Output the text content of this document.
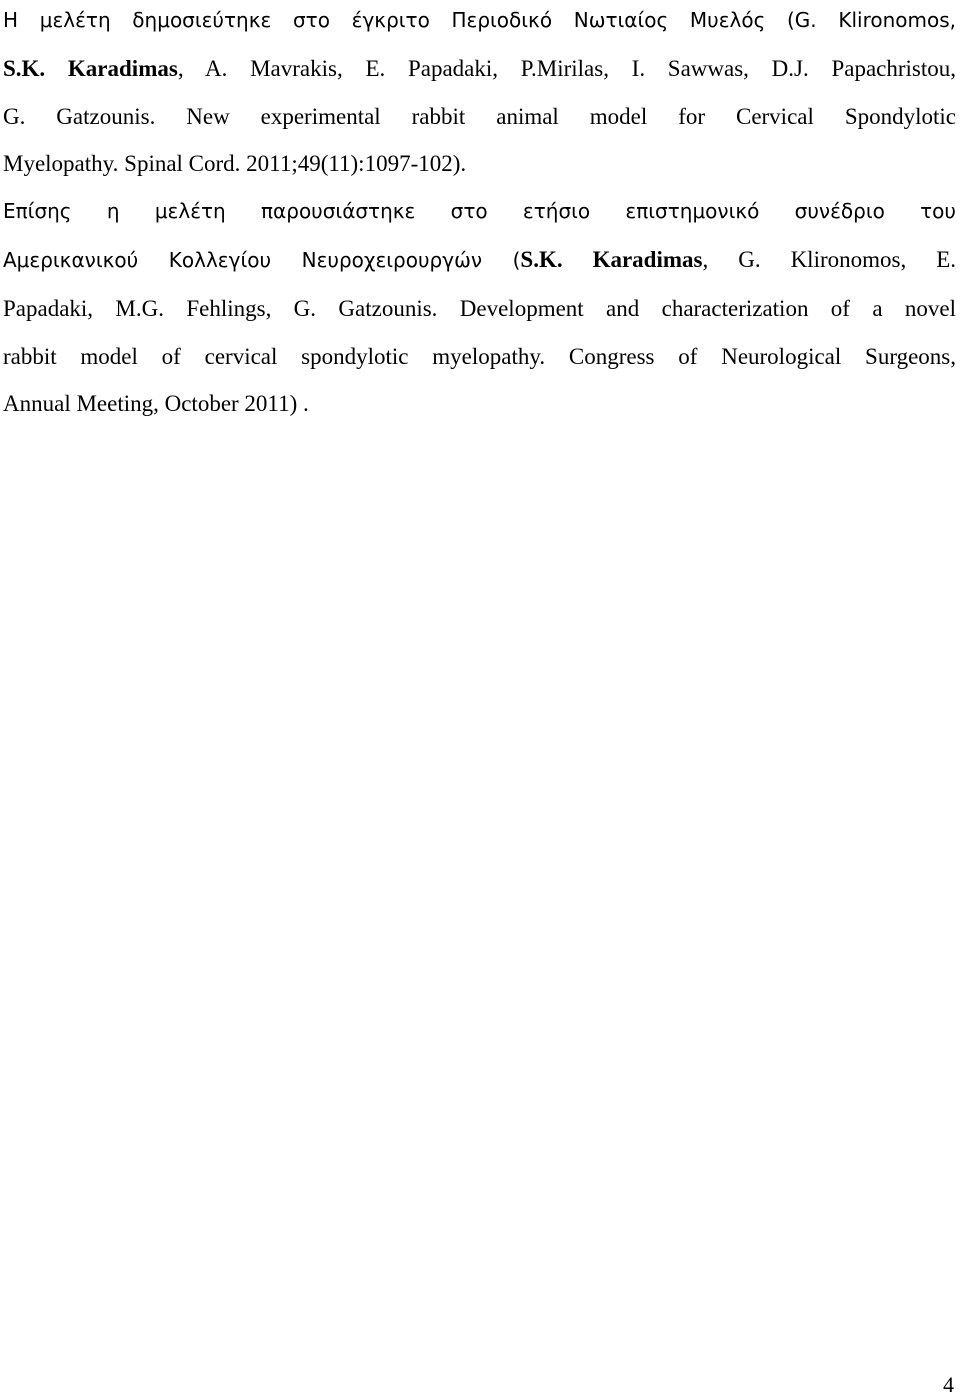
Η μελέτη δημοσιεύτηκε στο έγκριτο Περιοδικό Νωτιαίος Μυελός (G. Klironomos,
S.K. Karadimas, A. Mavrakis, E. Papadaki, P.Mirilas, I. Sawwas, D.J. Papachristou,
G. Gatzounis. New experimental rabbit animal model for Cervical Spondylotic
Myelopathy. Spinal Cord. 2011;49(11):1097-102).
Επίσης η μελέτη παρουσιάστηκε στο ετήσιο επιστημονικό συνέδριο του
Αμερικανικού Κολλεγίου Νευροχειρουργών (S.K. Karadimas, G. Klironomos, E.
Papadaki, M.G. Fehlings, G. Gatzounis. Development and characterization of a novel
rabbit model of cervical spondylotic myelopathy. Congress of Neurological Surgeons,
Annual Meeting, October 2011) .
4
